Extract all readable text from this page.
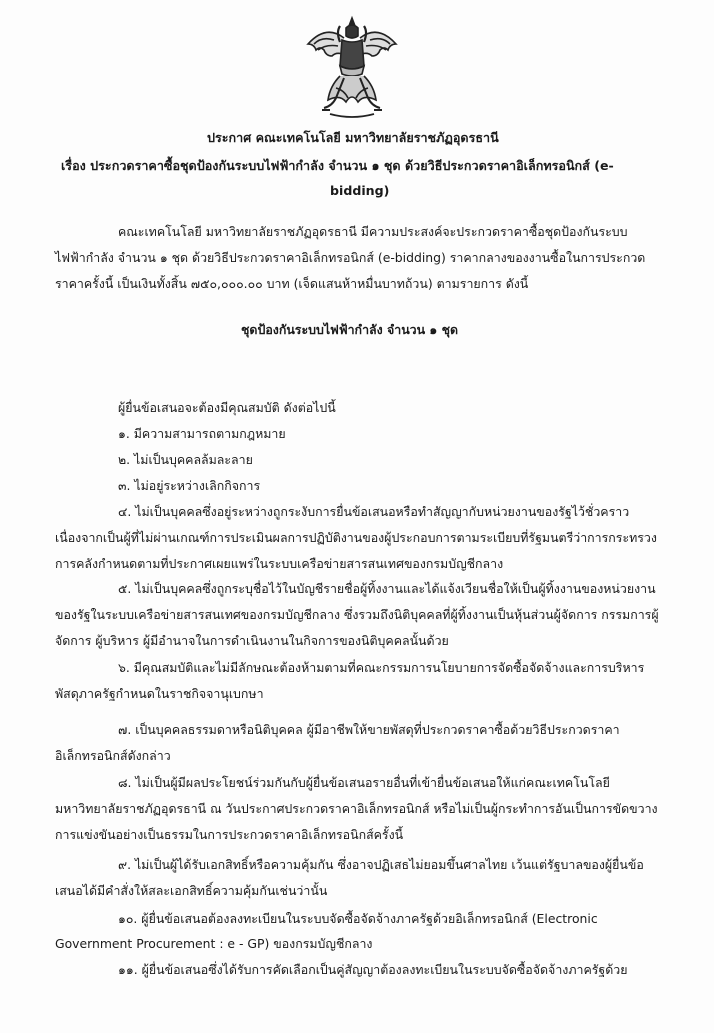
ประกาศ คณะเทคโนโลยี มหาวิทยาลัยราชภัฏอุดรธานี
เรื่อง ประกวดราคาซื้อชุดป้องกันระบบไฟฟ้ากำลัง จำนวน ๑ ชุด ด้วยวิธีประกวดราคาอิเล็กทรอนิกส์ (e-
bidding)
คณะเทคโนโลยี มหาวิทยาลัยราชภัฏอุดรธานี มีความประสงค์จะประกวดราคาซื้อชุดป้องกันระบบ
ไฟฟ้ากำลัง จำนวน ๑ ชุด ด้วยวิธีประกวดราคาอิเล็กทรอนิกส์ (e-bidding) ราคากลางของงานซื้อในการประกวด
ราคาครั้งนี้ เป็นเงินทั้งสิ้น ๗๕๐,๐๐๐.๐๐ บาท (เจ็ดแสนห้าหมื่นบาทถ้วน) ตามรายการ ดังนี้
ชุดป้องกันระบบไฟฟ้ากำลัง จำนวน ๑ ชุด
ผู้ยื่นข้อเสนอจะต้องมีคุณสมบัติ ดังต่อไปนี้
๑. มีความสามารถตามกฎหมาย
๒. ไม่เป็นบุคคลล้มละลาย
๓. ไม่อยู่ระหว่างเลิกกิจการ
๔. ไม่เป็นบุคคลซึ่งอยู่ระหว่างถูกระงับการยื่นข้อเสนอหรือทำสัญญากับหน่วยงานของรัฐไว้ชั่วคราว
เนื่องจากเป็นผู้ที่ไม่ผ่านเกณฑ์การประเมินผลการปฏิบัติงานของผู้ประกอบการตามระเบียบที่รัฐมนตรีว่าการกระทรวง
การคลังกำหนดตามที่ประกาศเผยแพร่ในระบบเครือข่ายสารสนเทศของกรมบัญชีกลาง
๕. ไม่เป็นบุคคลซึ่งถูกระบุชื่อไว้ในบัญชีรายชื่อผู้ทิ้งงานและได้แจ้งเวียนชื่อให้เป็นผู้ทิ้งงานของหน่วยงาน
ของรัฐในระบบเครือข่ายสารสนเทศของกรมบัญชีกลาง ซึ่งรวมถึงนิติบุคคลที่ผู้ทิ้งงานเป็นหุ้นส่วนผู้จัดการ กรรมการผู้
จัดการ ผู้บริหาร ผู้มีอำนาจในการดำเนินงานในกิจการของนิติบุคคลนั้นด้วย
๖. มีคุณสมบัติและไม่มีลักษณะต้องห้ามตามที่คณะกรรมการนโยบายการจัดซื้อจัดจ้างและการบริหาร
พัสดุภาครัฐกำหนดในราชกิจจานุเบกษา
๗. เป็นบุคคลธรรมดาหรือนิติบุคคล ผู้มีอาชีพให้ขายพัสดุที่ประกวดราคาซื้อด้วยวิธีประกวดราคา
อิเล็กทรอนิกส์ดังกล่าว
๘. ไม่เป็นผู้มีผลประโยชน์ร่วมกันกับผู้ยื่นข้อเสนอรายอื่นที่เข้ายื่นข้อเสนอให้แก่คณะเทคโนโลยี
มหาวิทยาลัยราชภัฏอุดรธานี ณ วันประกาศประกวดราคาอิเล็กทรอนิกส์ หรือไม่เป็นผู้กระทำการอันเป็นการขัดขวาง
การแข่งขันอย่างเป็นธรรมในการประกวดราคาอิเล็กทรอนิกส์ครั้งนี้
๙. ไม่เป็นผู้ได้รับเอกสิทธิ์หรือความคุ้มกัน ซึ่งอาจปฏิเสธไม่ยอมขึ้นศาลไทย เว้นแต่รัฐบาลของผู้ยื่นข้อ
เสนอได้มีคำสั่งให้สละเอกสิทธิ์ความคุ้มกันเช่นว่านั้น
๑๐. ผู้ยื่นข้อเสนอต้องลงทะเบียนในระบบจัดซื้อจัดจ้างภาครัฐด้วยอิเล็กทรอนิกส์ (Electronic
Government Procurement : e - GP) ของกรมบัญชีกลาง
๑๑. ผู้ยื่นข้อเสนอซึ่งได้รับการคัดเลือกเป็นคู่สัญญาต้องลงทะเบียนในระบบจัดซื้อจัดจ้างภาครัฐด้วย
